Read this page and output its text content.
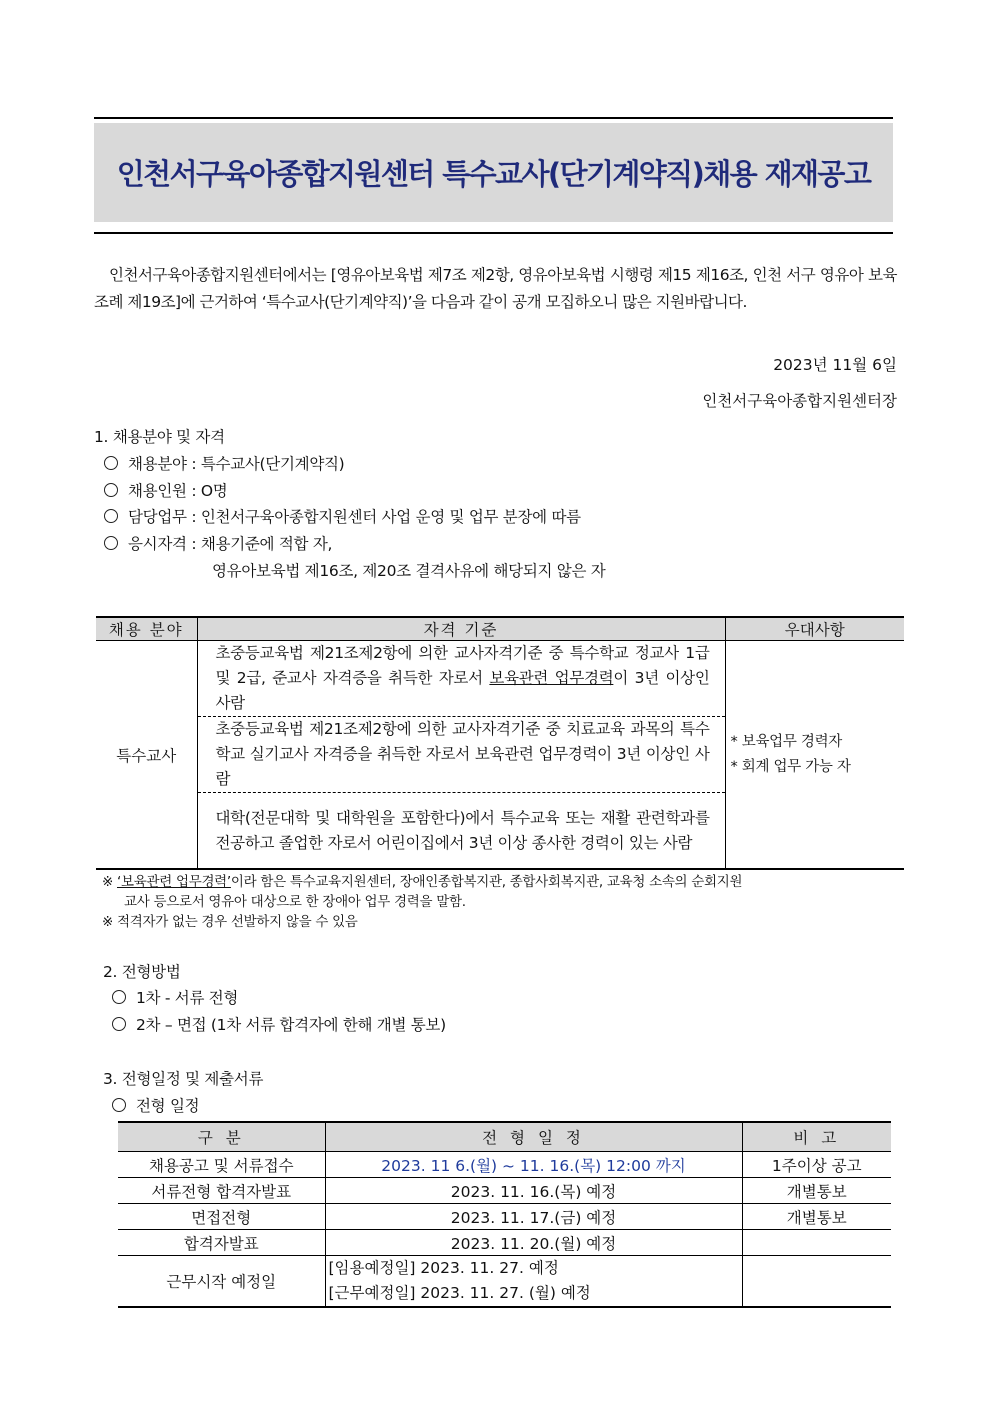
인천서구육아종합지원센터 특수교사(단기계약직)채용 재재공고
인천서구육아종합지원센터에서는 [영유아보육법 제7조 제2항, 영유아보육법 시행령 제15 제16조, 인천 서구 영유아 보육조례 제19조]에 근거하여 ‘특수교사(단기계약직)’을 다음과 같이 공개 모집하오니 많은 지원바랍니다.
2023년 11월 6일
인천서구육아종합지원센터장
1. 채용분야 및 자격
채용분야 : 특수교사(단기계약직)
채용인원 : O명
담당업무 : 인천서구육아종합지원센터 사업 운영 및 업무 분장에 따름
응시자격 : 채용기준에 적합 자,
영유아보육법 제16조, 제20조 결격사유에 해당되지 않은 자
채용 분야	자격 기준	우대사항
특수교사	초중등교육법 제21조제2항에 의한 교사자격기준 중 특수학교 정교사 1급 및 2급, 준교사 자격증을 취득한 자로서 보육관련 업무경력이 3년 이상인 사람	* 보육업무 경력자
* 회계 업무 가능 자

	초중등교육법 제21조제2항에 의한 교사자격기준 중 치료교육 과목의 특수학교 실기교사 자격증을 취득한 자로서 보육관련 업무경력이 3년 이상인 사람	
	대학(전문대학 및 대학원을 포함한다)에서 특수교육 또는 재활 관련학과를 전공하고 졸업한 자로서 어린이집에서 3년 이상 종사한 경력이 있는 사람	
※ ‘보육관련 업무경력’이라 함은 특수교육지원센터, 장애인종합복지관, 종합사회복지관, 교육청 소속의 순회지원
교사 등으로서 영유아 대상으로 한 장애아 업무 경력을 말함.
※ 적격자가 없는 경우 선발하지 않을 수 있음
2. 전형방법
1차 - 서류 전형
2차 – 면접 (1차 서류 합격자에 한해 개별 통보)
3. 전형일정 및 제출서류
전형 일정
구 분	전 형 일 정	비 고
채용공고 및 서류접수	2023. 11 6.(월) ~ 11. 16.(목) 12:00 까지	1주이상 공고
서류전형 합격자발표	2023. 11. 16.(목) 예정	개별통보
면접전형	2023. 11. 17.(금) 예정	개별통보
합격자발표	2023. 11. 20.(월) 예정	
근무시작 예정일	[임용예정일] 2023. 11. 27. 예정
[근무예정일] 2023. 11. 27. (월) 예정	
